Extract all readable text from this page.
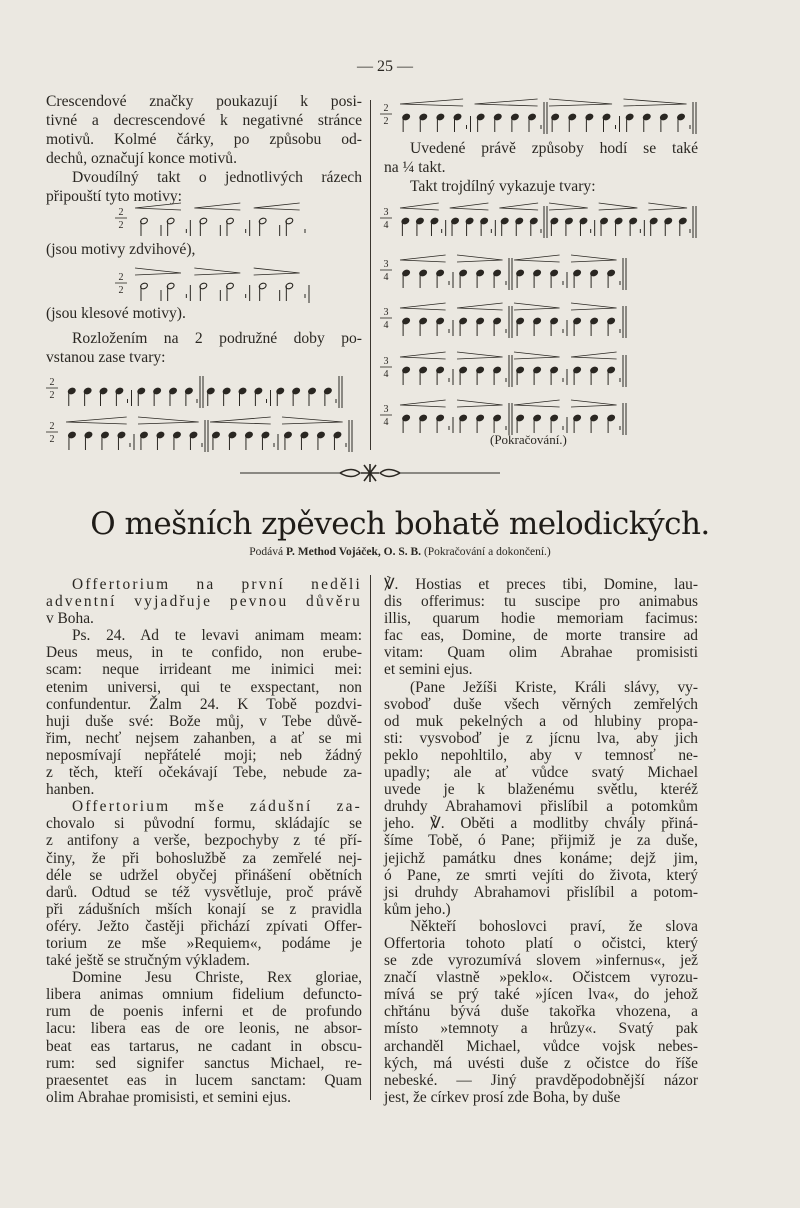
— 25 —
Crescendové značky poukazují k posi-
tivné a decrescendové k negativné stránce
motivů. Kolmé čárky, po způsobu od-
dechů, označují konce motivů.
Dvoudílný takt o jednotlivých rázech
připouští tyto motivy:
2
2
(jsou motivy zdvihové),
2
2
(jsou klesové motivy).
Rozložením na 2 podružné doby po-
vstanou zase tvary:
2
2
2
2
2
2
Uvedené právě způsoby hodí se také
na ¼ takt.
Takt trojdílný vykazuje tvary:
3
4
3
4
3
4
3
4
3
4
(Pokračování.)
O mešních zpěvech bohatě melodických.
Podává P. Method Vojáček, O. S. B. (Pokračování a dokončení.)
Offertorium na první neděli
adventní vyjadřuje pevnou důvěru
v Boha.
Ps. 24. Ad te levavi animam meam:
Deus meus, in te confido, non erube-
scam: neque irrideant me inimici mei:
etenim universi, qui te exspectant, non
confundentur. Žalm 24. K Tobě pozdvi-
huji duše své: Bože můj, v Tebe důvě-
řim, nechť nejsem zahanben, a ať se mi
neposmívají nepřátelé moji; neb žádný
z těch, kteří očekávají Tebe, nebude za-
hanben.
Offertorium mše zádušní za-
chovalo si původní formu, skládajíc se
z antifony a verše, bezpochyby z té pří-
činy, že při bohoslužbě za zemřelé nej-
déle se udržel obyčej přinášení obětních
darů. Odtud se též vysvětluje, proč právě
při zádušních mších konají se z pravidla
oféry. Ježto častěji přichází zpívati Offer-
torium ze mše »Requiem«, podáme je
také ještě se stručným výkladem.
Domine Jesu Christe, Rex gloriae,
libera animas omnium fidelium defuncto-
rum de poenis inferni et de profundo
lacu: libera eas de ore leonis, ne absor-
beat eas tartarus, ne cadant in obscu-
rum: sed signifer sanctus Michael, re-
praesentet eas in lucem sanctam: Quam
olim Abrahae promisisti, et semini ejus.
℣. Hostias et preces tibi, Domine, lau-
dis offerimus: tu suscipe pro animabus
illis, quarum hodie memoriam facimus:
fac eas, Domine, de morte transire ad
vitam: Quam olim Abrahae promisisti
et semini ejus.
(Pane Ježíši Kriste, Králi slávy, vy-
svoboď duše všech věrných zemřelých
od muk pekelných a od hlubiny propa-
sti: vysvoboď je z jícnu lva, aby jich
peklo nepohltilo, aby v temnosť ne-
upadly; ale ať vůdce svatý Michael
uvede je k blaženému světlu, kteréž
druhdy Abrahamovi přislíbil a potomkům
jeho. ℣. Oběti a modlitby chvály přiná-
šíme Tobě, ó Pane; přijmiž je za duše,
jejichž památku dnes konáme; dejž jim,
ó Pane, ze smrti vejíti do života, který
jsi druhdy Abrahamovi přislíbil a potom-
kům jeho.)
Někteří bohoslovci praví, že slova
Offertoria tohoto platí o očistci, který
se zde vyrozumívá slovem »infernus«, jež
značí vlastně »peklo«. Očistcem vyrozu-
mívá se prý také »jícen lva«, do jehož
chřtánu bývá duše takořka vhozena, a
místo »temnoty a hrůzy«. Svatý pak
archanděl Michael, vůdce vojsk nebes-
kých, má uvésti duše z očistce do říše
nebeské. — Jiný pravděpodobnější názor
jest, že církev prosí zde Boha, by duše
